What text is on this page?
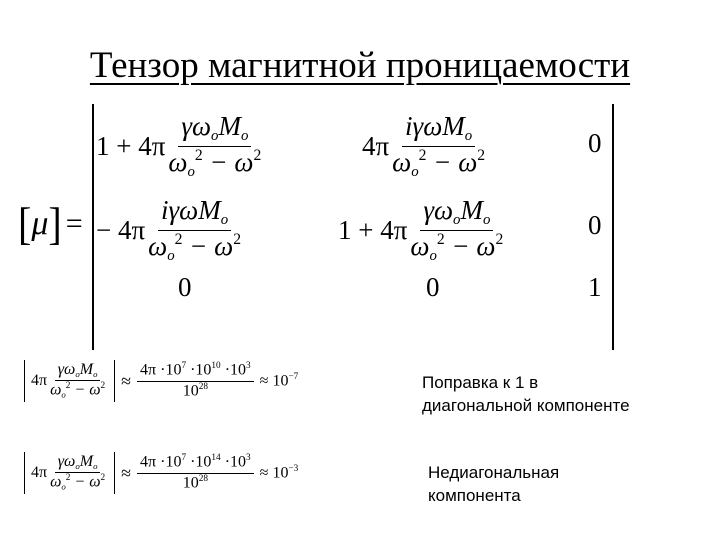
Тензор магнитной проницаемости
[ μ ] =
$1 + 4\pi \frac{\gamma\omega_oM_o}{\omega_o^2 - \omega^2}$	$4\pi \frac{i\gamma\omega M_o}{\omega_o^2 - \omega^2}$	0
− $4\pi \frac{i\gamma\omega M_o}{\omega_o^2 - \omega^2}$	$1 + 4\pi \frac{\gamma\omega_oM_o}{\omega_o^2 - \omega^2}$	0
0	0	1
$4\pi \frac{\gamma\omega_oM_o}{\omega_o^2 - \omega^2} \approx \frac{4\pi \cdot 10^7 \cdot 10^{10} \cdot 10^3}{10^{28}} \approx 10^{-7}$	Поправка к 1 в
диагональной компоненте
$4\pi \frac{\gamma\omega_oM_o}{\omega_o^2 - \omega^2} \approx \frac{4\pi \cdot 10^7 \cdot 10^{14} \cdot 10^3}{10^{28}} \approx 10^{-3}$	Недиагональная
компонента
